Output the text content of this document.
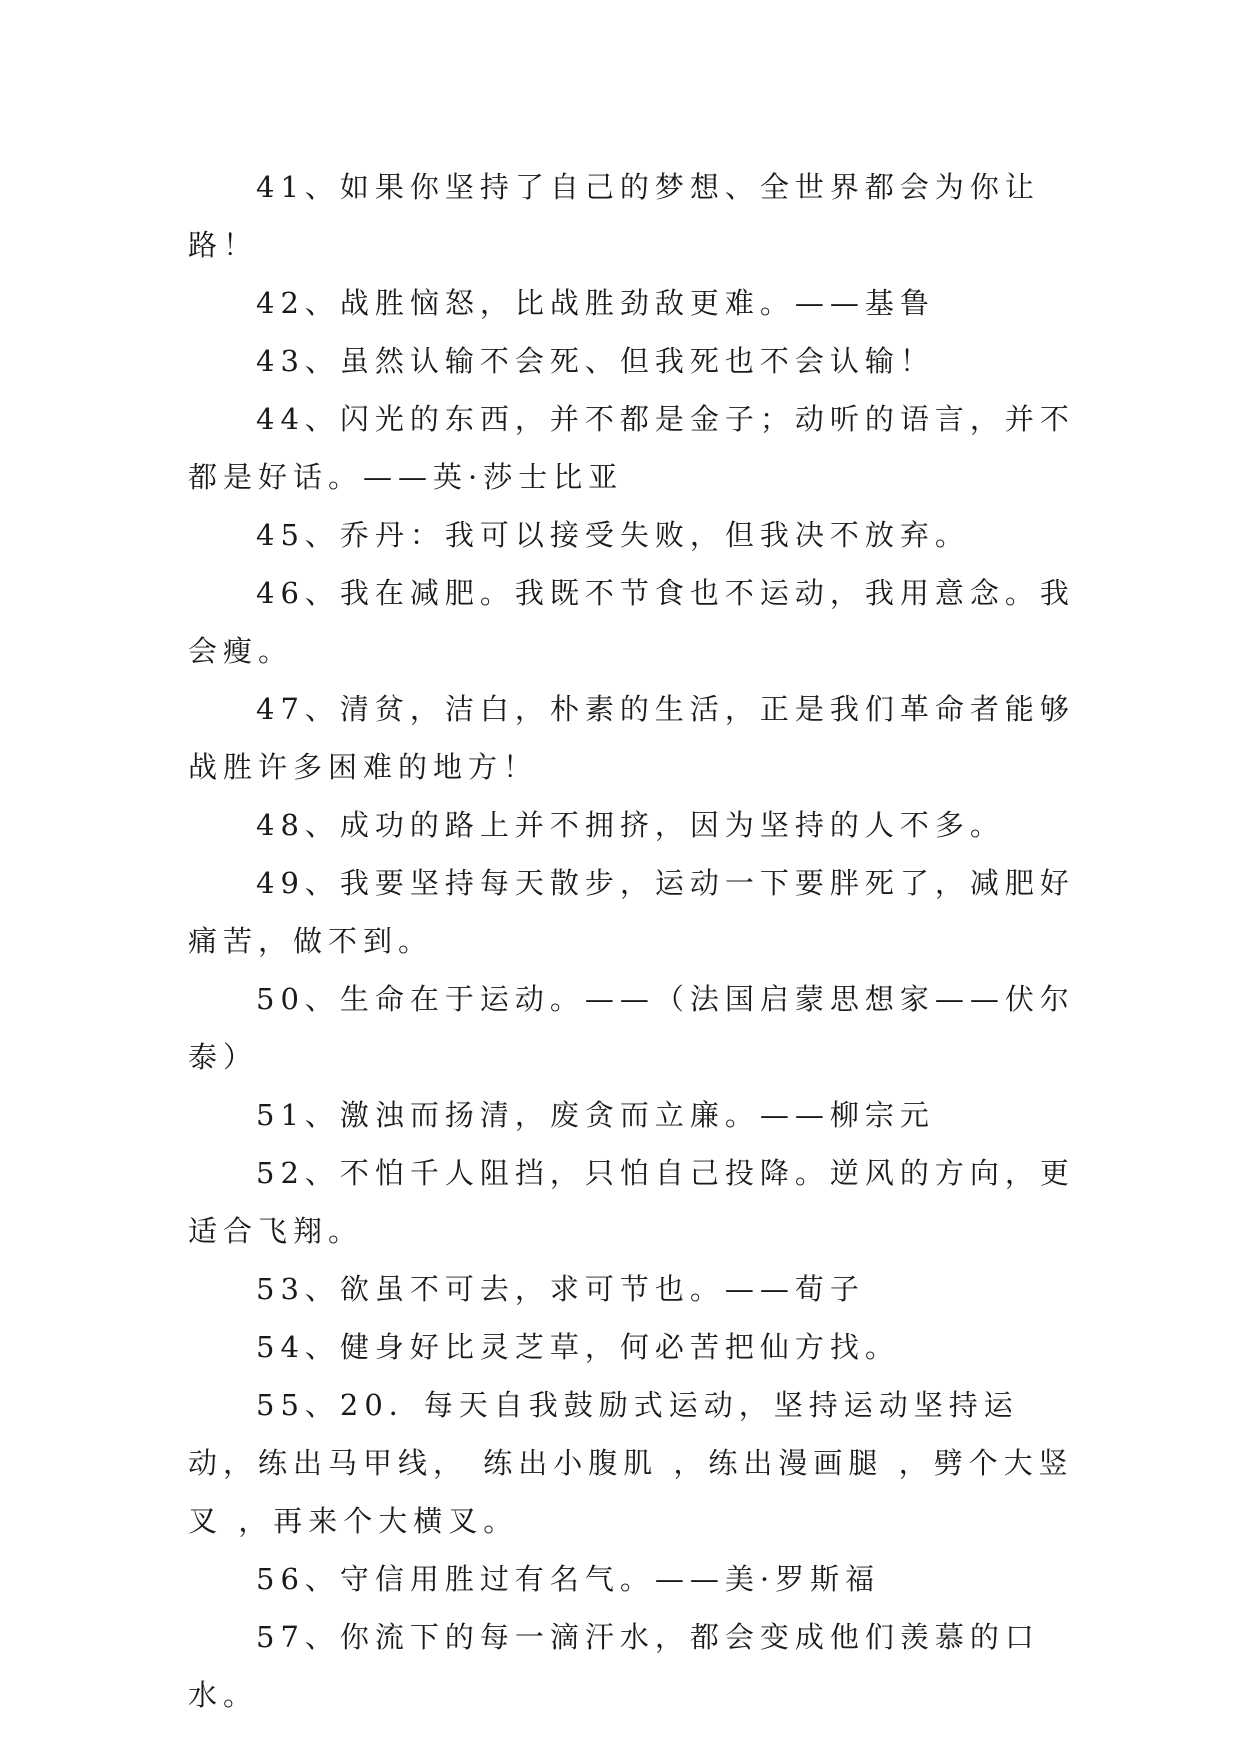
41、如果你坚持了自己的梦想、全世界都会为你让路！

42、战胜恼怒，比战胜劲敌更难。——基鲁

43、虽然认输不会死、但我死也不会认输！

44、闪光的东西，并不都是金子；动听的语言，并不都是好话。——英·莎士比亚

45、乔丹：我可以接受失败，但我决不放弃。

46、我在减肥。我既不节食也不运动，我用意念。我会瘦。

47、清贫，洁白，朴素的生活，正是我们革命者能够战胜许多困难的地方！

48、成功的路上并不拥挤，因为坚持的人不多。

49、我要坚持每天散步，运动一下要胖死了，减肥好痛苦，做不到。

50、生命在于运动。——（法国启蒙思想家——伏尔泰）

51、激浊而扬清，废贪而立廉。——柳宗元

52、不怕千人阻挡，只怕自己投降。逆风的方向，更适合飞翔。

53、欲虽不可去，求可节也。——荀子

54、健身好比灵芝草，何必苦把仙方找。

55、20．每天自我鼓励式运动，坚持运动坚持运动，练出马甲线， 练出小腹肌 ，练出漫画腿 ，劈个大竖叉 ，再来个大横叉。

56、守信用胜过有名气。——美·罗斯福

57、你流下的每一滴汗水，都会变成他们羡慕的口水。
